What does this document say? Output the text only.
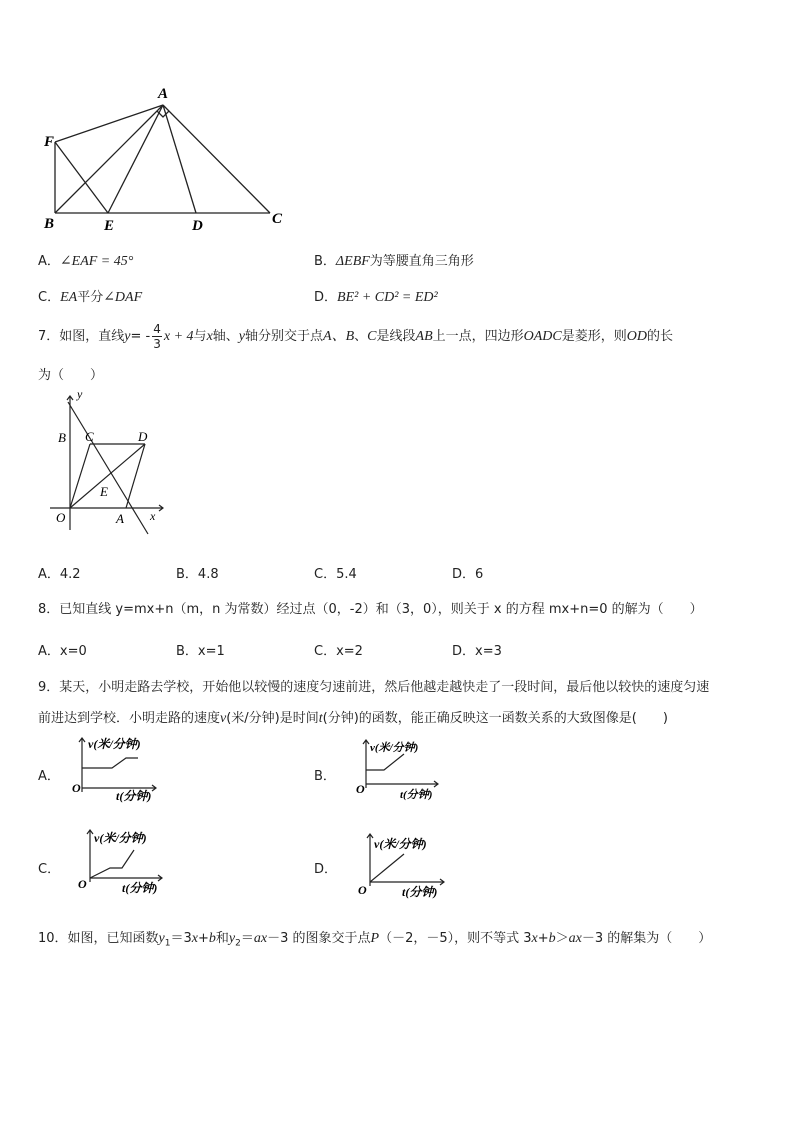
A
F
B	E	D	C
A．∠EAF = 45°	B．ΔEBF为等腰直角三角形
C．EA平分∠DAF	D．BE² + CD² = ED²
7．如图，直线$y= - \frac{4}{3}$ x + 4与x轴、y轴分别交于点A、B、C是线段AB上一点，四边形OADC是菱形，则OD的长
为（　　）
y
B C	D
E
O	A x
A．4.2	B．4.8	C．5.4	D．6
8．已知直线 y=mx+n（m，n 为常数）经过点（0，-2）和（3，0），则关于 x 的方程 mx+n=0 的解为（　　）
A．x=0	B．x=1	C．x=2	D．x=3
9．某天，小明走路去学校，开始他以较慢的速度匀速前进，然后他越走越快走了一段时间，最后他以较快的速度匀速
前进达到学校．小明走路的速度v(米/分钟)是时间t(分钟)的函数，能正确反映这一函数关系的大致图像是(　　)
A．
v(米/分钟)
O
t(分钟)
B．
v(米/分钟)
O	t(分钟)
C．
v(米/分钟)
O	t(分钟)
D．
v(米/分钟)
O	t(分钟)
10．如图，已知函数$y_1=3x+b$和$y_2=ax-3$ 的图象交于点P（－2，－5），则不等式 3x+b＞ax－3 的解集为（　　）
